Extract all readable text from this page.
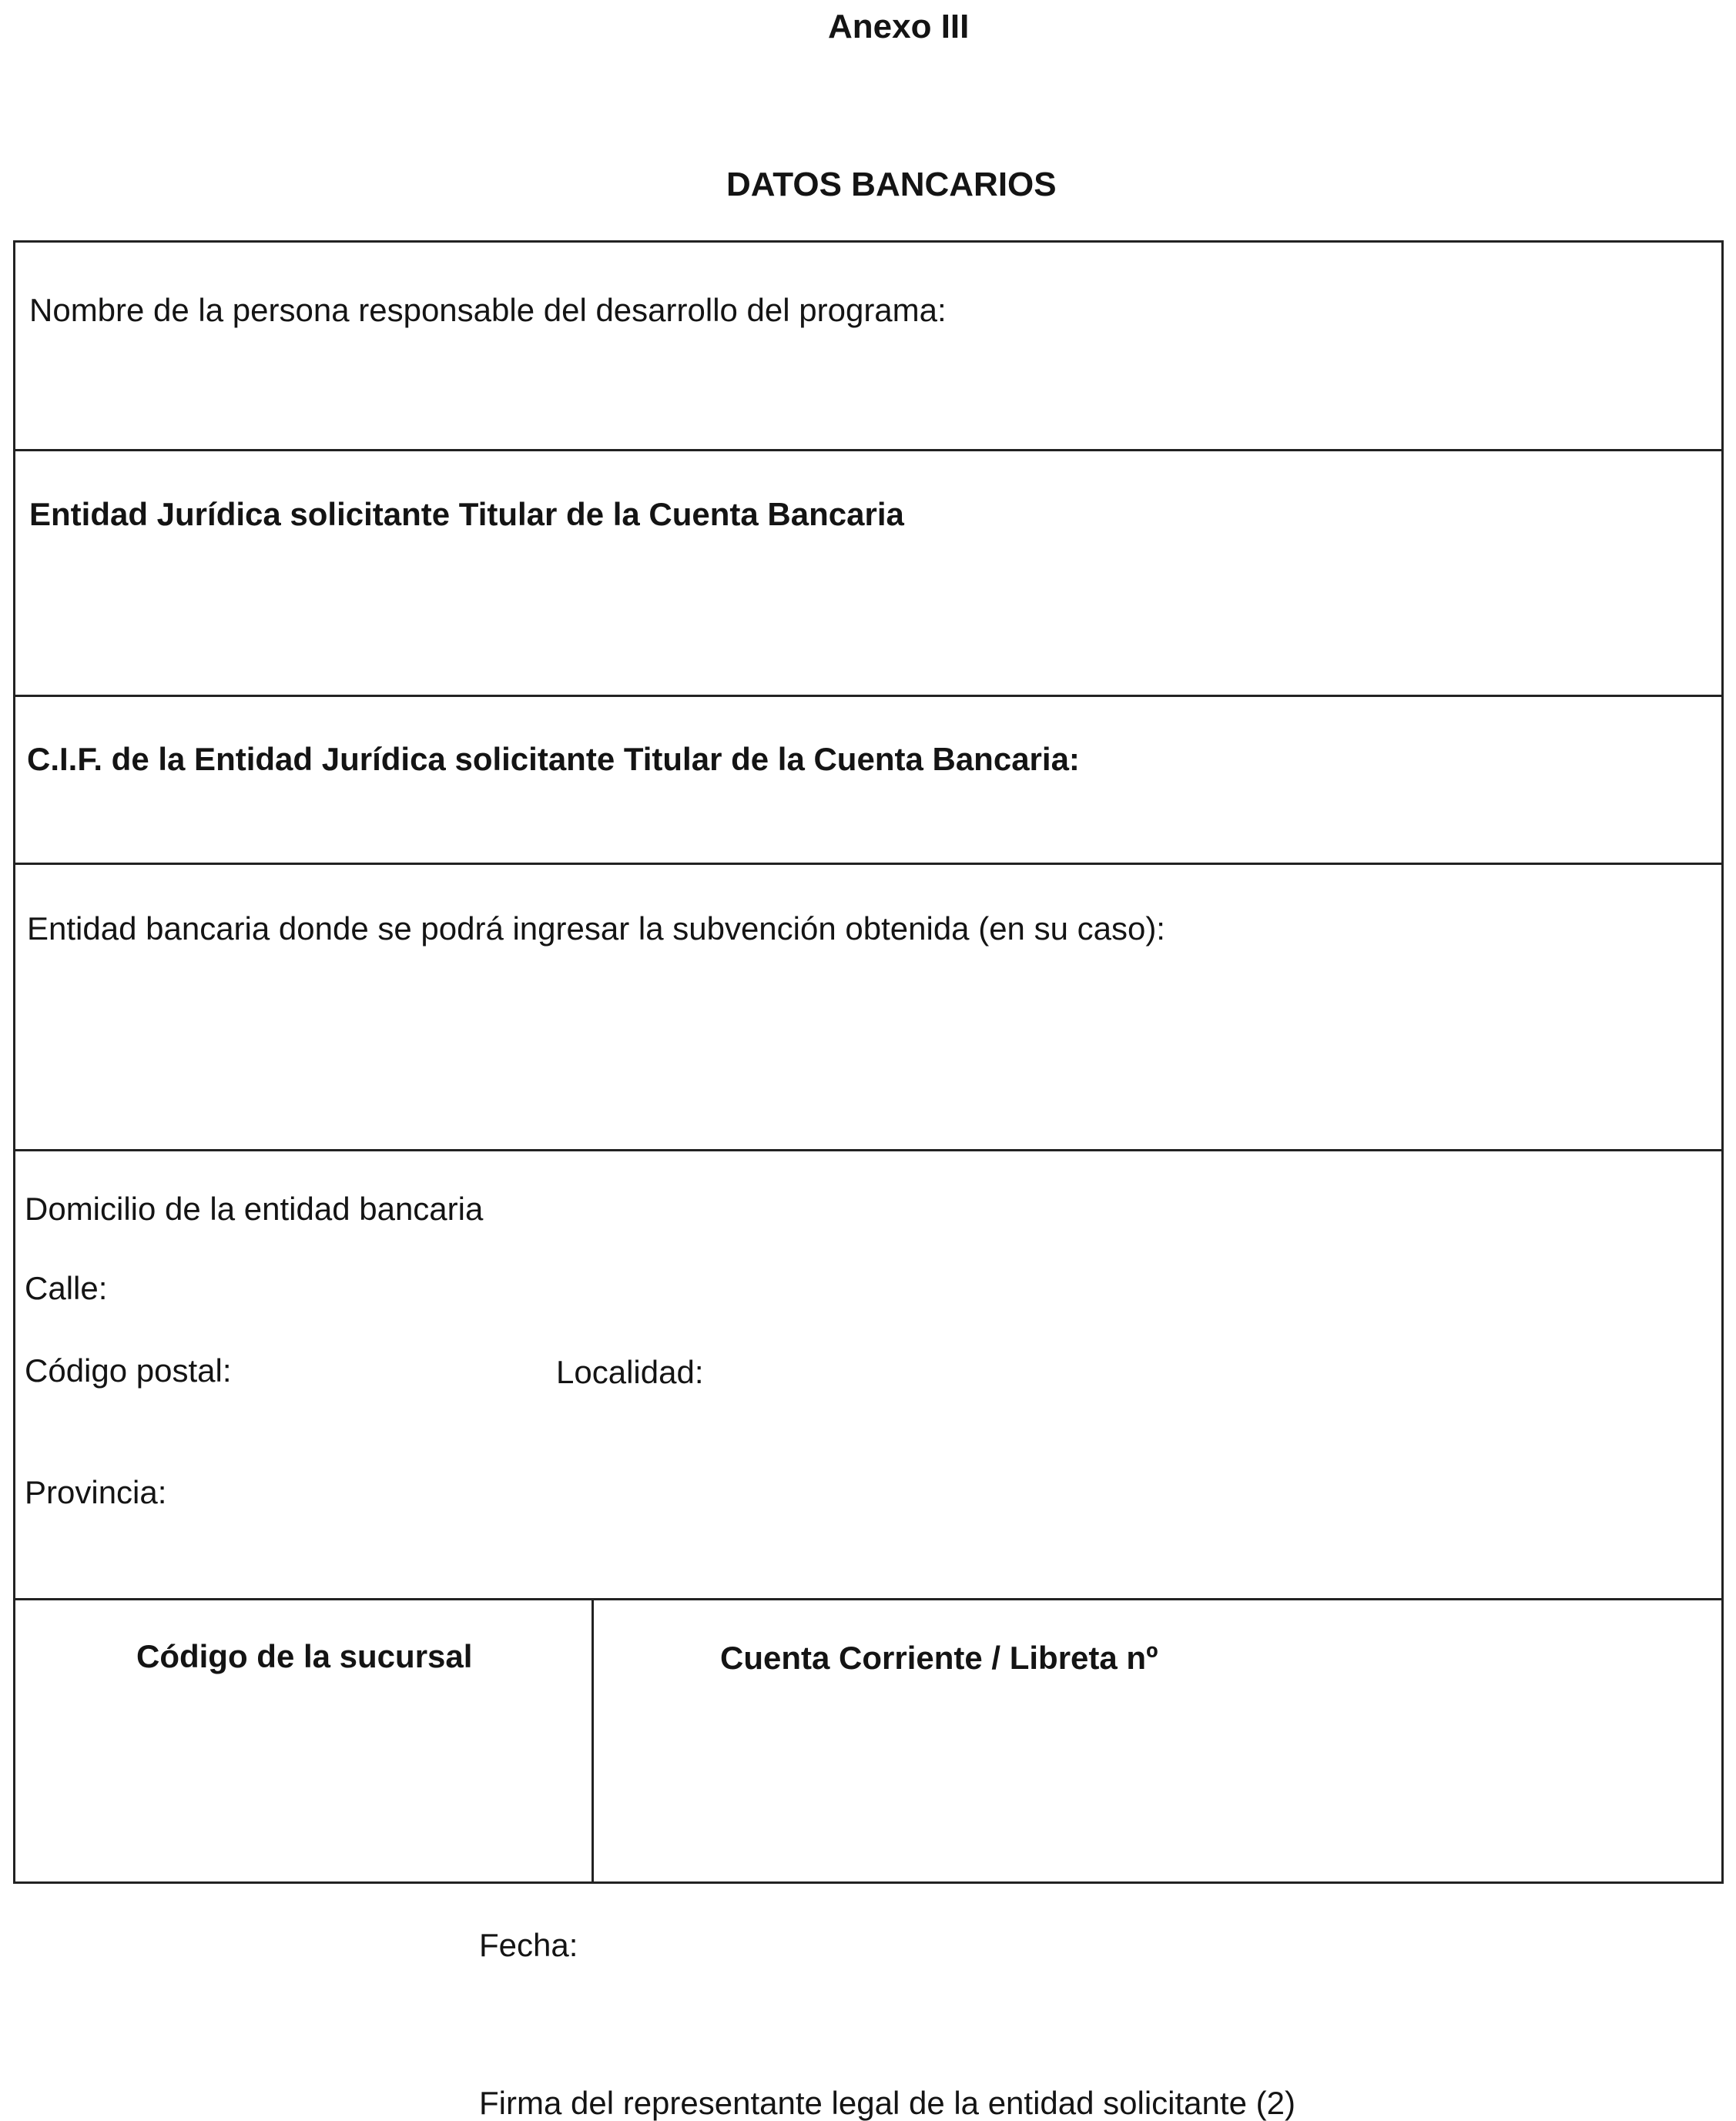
Anexo III
DATOS BANCARIOS
Nombre de la persona responsable del desarrollo del programa:
Entidad Jurídica solicitante Titular de la Cuenta Bancaria
C.I.F. de la Entidad Jurídica solicitante Titular de la Cuenta Bancaria:
Entidad bancaria donde se podrá ingresar la subvención obtenida (en su caso):
Domicilio de la entidad bancaria
Calle:
Código postal:	Localidad:
Provincia:
Código de la sucursal	Cuenta Corriente / Libreta nº
Fecha:
Firma del representante legal de la entidad solicitante (2)
